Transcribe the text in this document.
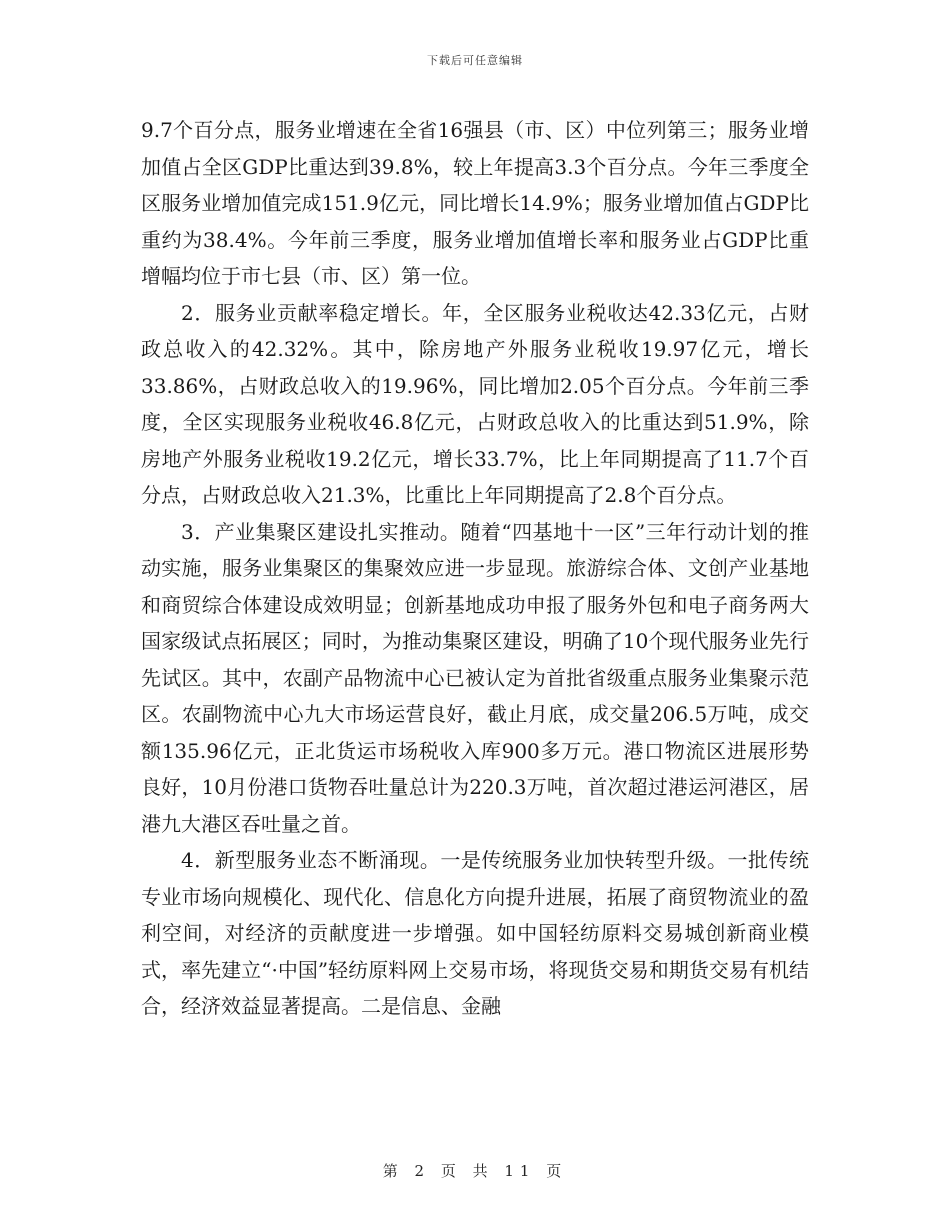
下载后可任意编辑

9.7个百分点，服务业增速在全省16强县（市、区）中位列第三；服务业增加值占全区GDP比重达到39.8%，较上年提高3.3个百分点。今年三季度全区服务业增加值完成151.9亿元，同比增长14.9%；服务业增加值占GDP比重约为38.4%。今年前三季度，服务业增加值增长率和服务业占GDP比重增幅均位于市七县（市、区）第一位。

2．服务业贡献率稳定增长。年，全区服务业税收达42.33亿元，占财政总收入的42.32%。其中，除房地产外服务业税收19.97亿元，增长33.86%，占财政总收入的19.96%，同比增加2.05个百分点。今年前三季度，全区实现服务业税收46.8亿元，占财政总收入的比重达到51.9%，除房地产外服务业税收19.2亿元，增长33.7%，比上年同期提高了11.7个百分点，占财政总收入21.3%，比重比上年同期提高了2.8个百分点。

3．产业集聚区建设扎实推动。随着“四基地十一区”三年行动计划的推动实施，服务业集聚区的集聚效应进一步显现。旅游综合体、文创产业基地和商贸综合体建设成效明显；创新基地成功申报了服务外包和电子商务两大国家级试点拓展区；同时，为推动集聚区建设，明确了10个现代服务业先行先试区。其中，农副产品物流中心已被认定为首批省级重点服务业集聚示范区。农副物流中心九大市场运营良好，截止月底，成交量206.5万吨，成交额135.96亿元，正北货运市场税收入库900多万元。港口物流区进展形势良好，10月份港口货物吞吐量总计为220.3万吨，首次超过港运河港区，居港九大港区吞吐量之首。

4．新型服务业态不断涌现。一是传统服务业加快转型升级。一批传统专业市场向规模化、现代化、信息化方向提升进展，拓展了商贸物流业的盈利空间，对经济的贡献度进一步增强。如中国轻纺原料交易城创新商业模式，率先建立“·中国”轻纺原料网上交易市场，将现货交易和期货交易有机结合，经济效益显著提高。二是信息、金融

第 2 页 共 11 页
